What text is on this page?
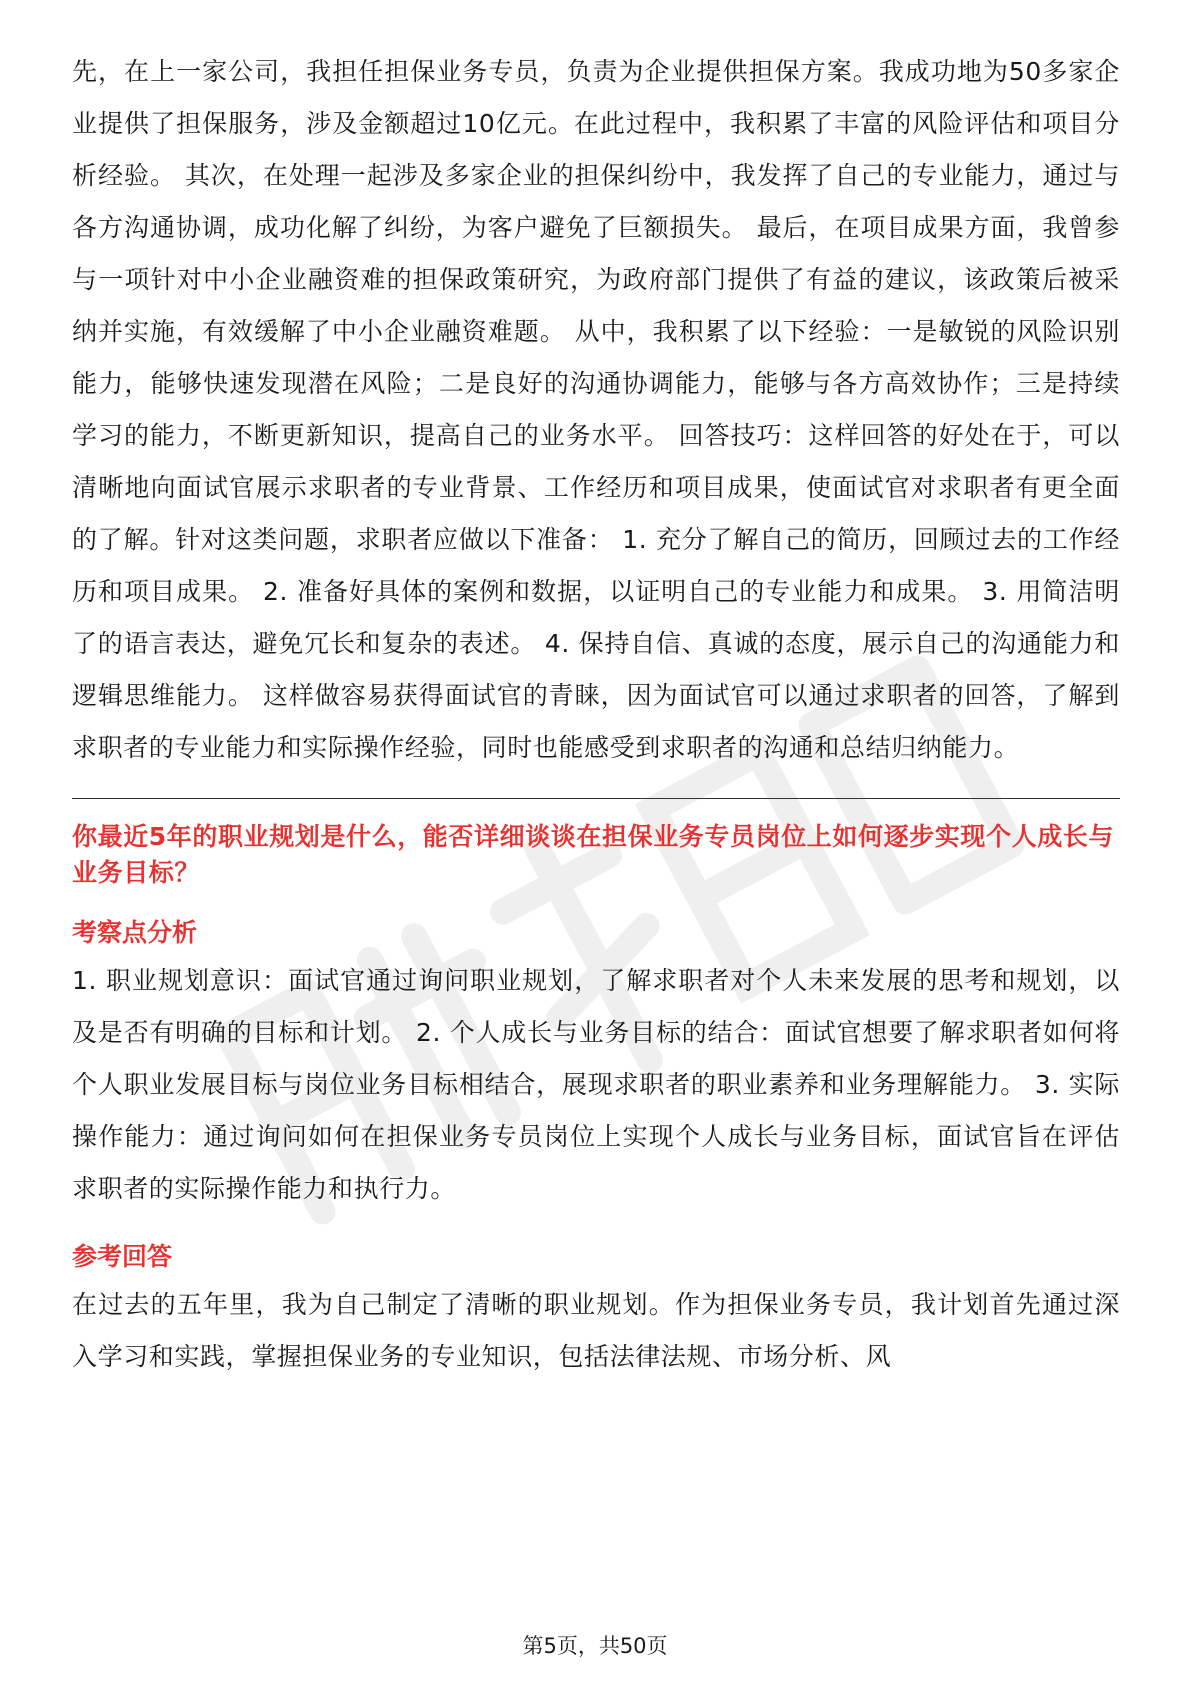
先，在上一家公司，我担任担保业务专员，负责为企业提供担保方案。我成功地为50多家企业提供了担保服务，涉及金额超过10亿元。在此过程中，我积累了丰富的风险评估和项目分析经验。 其次，在处理一起涉及多家企业的担保纠纷中，我发挥了自己的专业能力，通过与各方沟通协调，成功化解了纠纷，为客户避免了巨额损失。 最后，在项目成果方面，我曾参与一项针对中小企业融资难的担保政策研究，为政府部门提供了有益的建议，该政策后被采纳并实施，有效缓解了中小企业融资难题。 从中，我积累了以下经验：一是敏锐的风险识别能力，能够快速发现潜在风险；二是良好的沟通协调能力，能够与各方高效协作；三是持续学习的能力，不断更新知识，提高自己的业务水平。 回答技巧：这样回答的好处在于，可以清晰地向面试官展示求职者的专业背景、工作经历和项目成果，使面试官对求职者有更全面的了解。针对这类问题，求职者应做以下准备： 1. 充分了解自己的简历，回顾过去的工作经历和项目成果。 2. 准备好具体的案例和数据，以证明自己的专业能力和成果。 3. 用简洁明了的语言表达，避免冗长和复杂的表述。 4. 保持自信、真诚的态度，展示自己的沟通能力和逻辑思维能力。 这样做容易获得面试官的青睐，因为面试官可以通过求职者的回答，了解到求职者的专业能力和实际操作经验，同时也能感受到求职者的沟通和总结归纳能力。

你最近5年的职业规划是什么，能否详细谈谈在担保业务专员岗位上如何逐步实现个人成长与业务目标？

考察点分析

1. 职业规划意识：面试官通过询问职业规划，了解求职者对个人未来发展的思考和规划，以及是否有明确的目标和计划。 2. 个人成长与业务目标的结合：面试官想要了解求职者如何将个人职业发展目标与岗位业务目标相结合，展现求职者的职业素养和业务理解能力。 3. 实际操作能力：通过询问如何在担保业务专员岗位上实现个人成长与业务目标，面试官旨在评估求职者的实际操作能力和执行力。

参考回答

在过去的五年里，我为自己制定了清晰的职业规划。作为担保业务专员，我计划首先通过深入学习和实践，掌握担保业务的专业知识，包括法律法规、市场分析、风

第5页，共50页
